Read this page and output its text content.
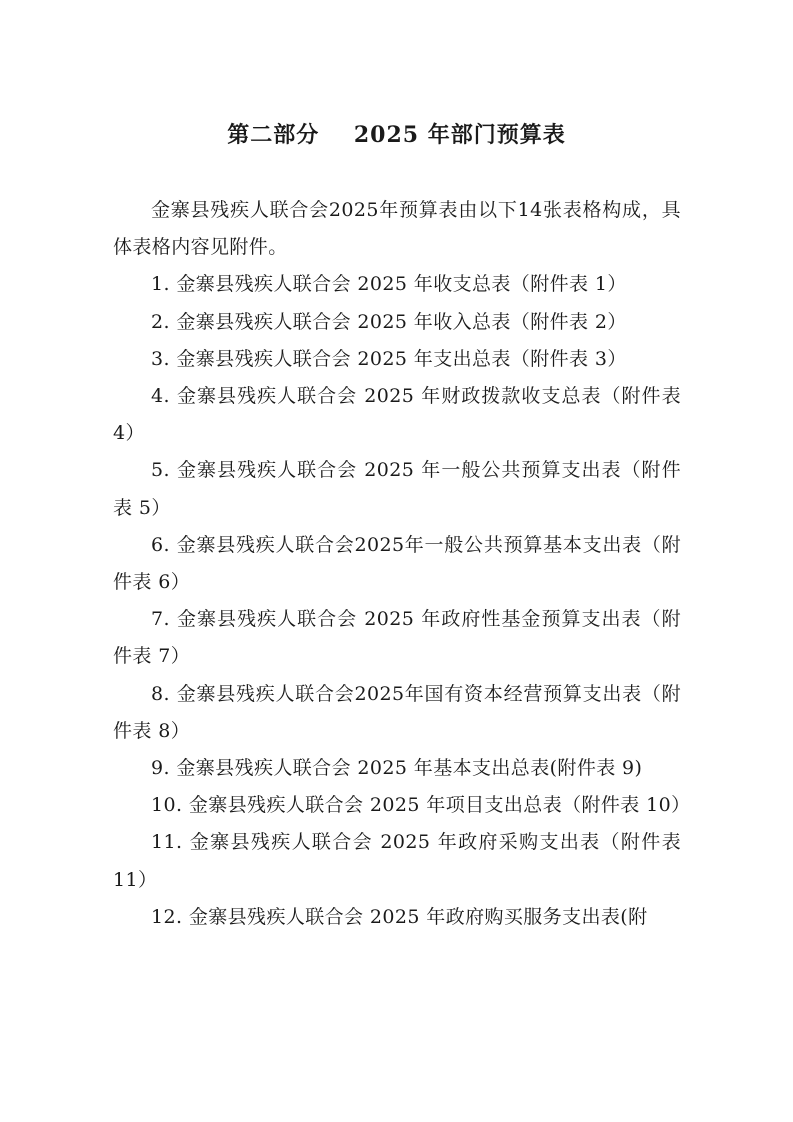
第二部分    2025 年部门预算表

金寨县残疾人联合会2025年预算表由以下14张表格构成，具体表格内容见附件。

1. 金寨县残疾人联合会 2025 年收支总表（附件表 1）

2. 金寨县残疾人联合会 2025 年收入总表（附件表 2）

3. 金寨县残疾人联合会 2025 年支出总表（附件表 3）

4. 金寨县残疾人联合会 2025 年财政拨款收支总表（附件表 4）

5. 金寨县残疾人联合会 2025 年一般公共预算支出表（附件表 5）

6. 金寨县残疾人联合会2025年一般公共预算基本支出表（附件表 6）

7. 金寨县残疾人联合会 2025 年政府性基金预算支出表（附件表 7）

8. 金寨县残疾人联合会2025年国有资本经营预算支出表（附件表 8）

9. 金寨县残疾人联合会 2025 年基本支出总表(附件表 9)

10. 金寨县残疾人联合会 2025 年项目支出总表（附件表 10）

11. 金寨县残疾人联合会 2025 年政府采购支出表（附件表 11）

12. 金寨县残疾人联合会 2025 年政府购买服务支出表(附
